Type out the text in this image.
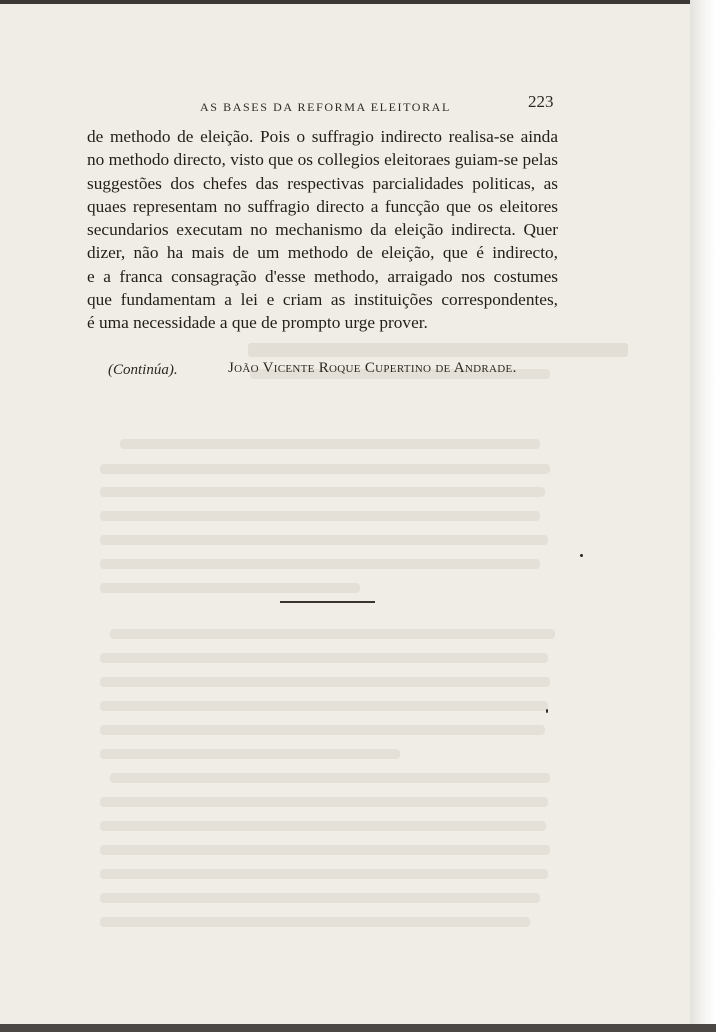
AS BASES DA REFORMA ELEITORAL	223
de methodo de eleição. Pois o suffragio indirecto realisa-se ainda
no methodo directo, visto que os collegios eleitoraes guiam-se pelas
suggestões dos chefes das respectivas parcialidades politicas, as
quaes representam no suffragio directo a funcção que os eleitores
secundarios executam no mechanismo da eleição indirecta. Quer
dizer, não ha mais de um methodo de eleição, que é indirecto,
e a franca consagração d'esse methodo, arraigado nos costumes
que fundamentam a lei e criam as instituições correspondentes,
é uma necessidade a que de prompto urge prover.
(Continúa).	João Vicente Roque Cupertino de Andrade.
